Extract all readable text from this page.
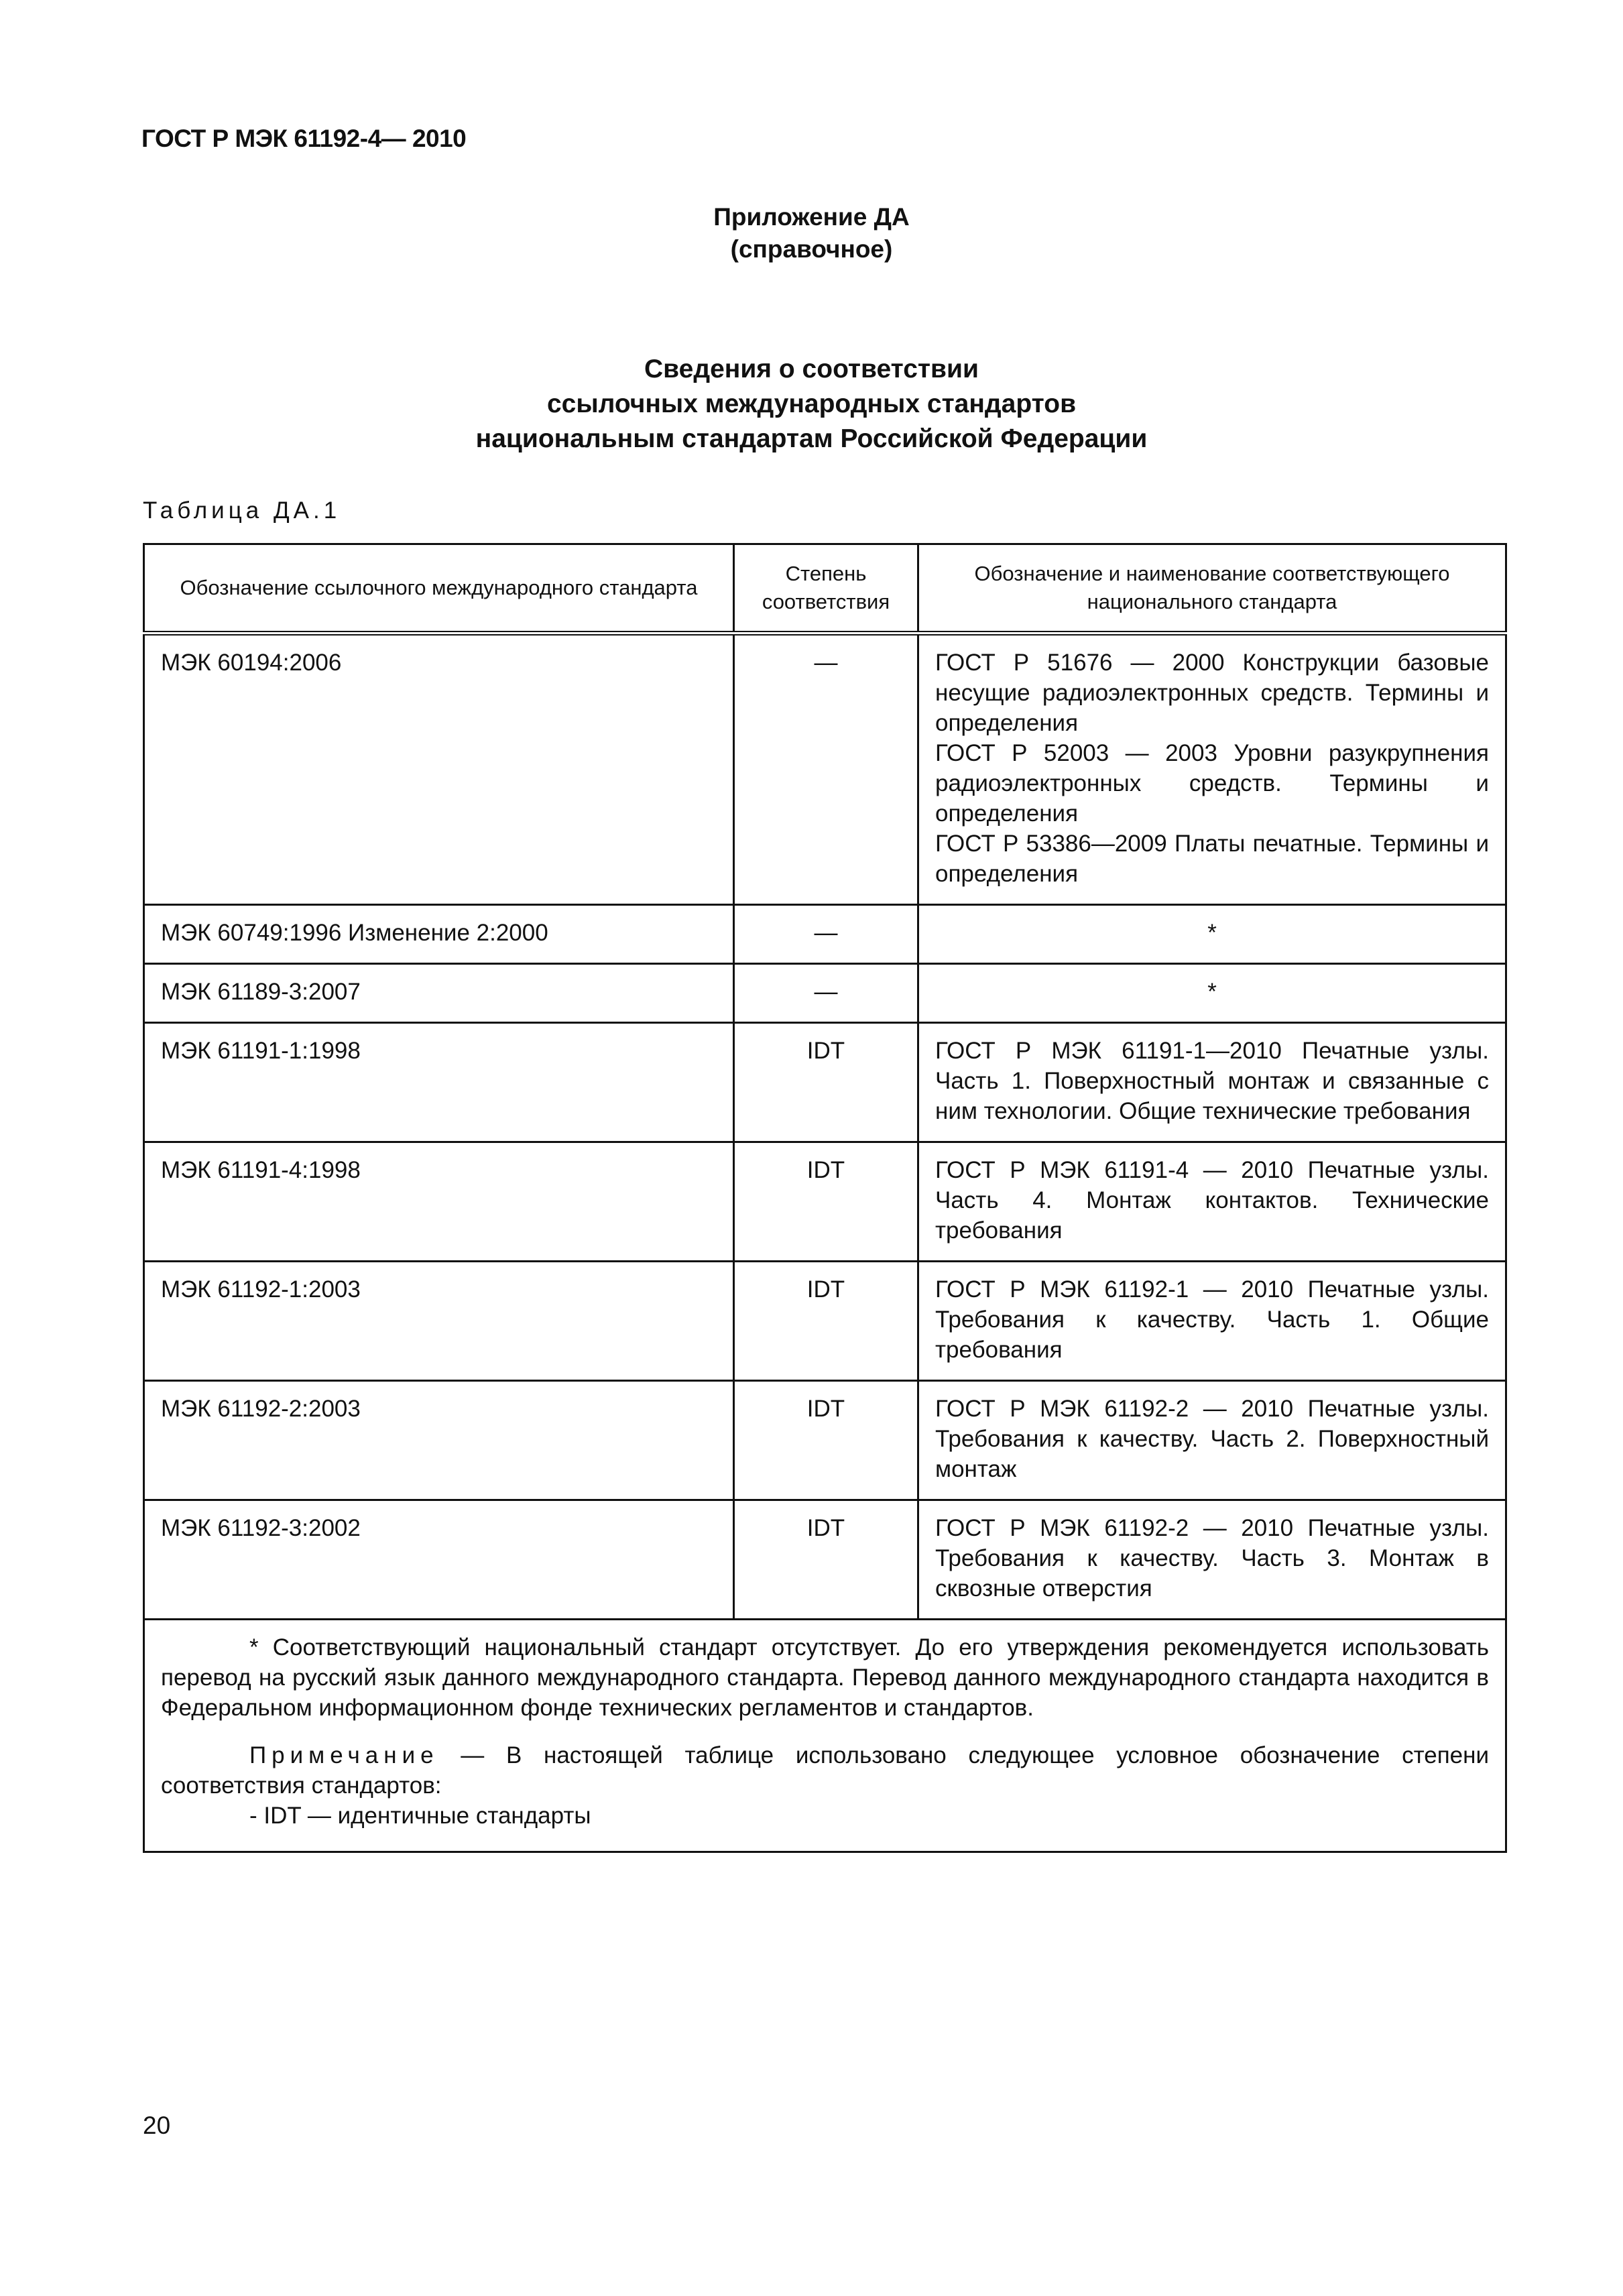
ГОСТ Р МЭК 61192-4— 2010
Приложение ДА
(справочное)
Сведения о соответствии
ссылочных международных стандартов
национальным стандартам Российской Федерации
Таблица ДА.1
Обозначение ссылочного международного стандарта	Степень соответствия	Обозначение и наименование соответствующего национального стандарта
МЭК 60194:2006	—	ГОСТ Р 51676 — 2000 Конструкции базовые несущие радиоэлектронных средств. Термины и определения
ГОСТ Р 52003 — 2003 Уровни разукрупнения радиоэлектронных средств. Термины и определения
ГОСТ Р 53386—2009 Платы печатные. Термины и определения

МЭК 60749:1996 Изменение 2:2000	—	*
МЭК 61189-3:2007	—	*
МЭК 61191-1:1998	IDT	ГОСТ Р МЭК 61191-1—2010 Печатные узлы. Часть 1. Поверхностный монтаж и связанные с ним технологии. Общие технические требования
МЭК 61191-4:1998	IDT	ГОСТ Р МЭК 61191-4 — 2010 Печатные узлы. Часть 4. Монтаж контактов. Технические требования
МЭК 61192-1:2003	IDT	ГОСТ Р МЭК 61192-1 — 2010 Печатные узлы. Требования к качеству. Часть 1. Общие требования
МЭК 61192-2:2003	IDT	ГОСТ Р МЭК 61192-2 — 2010 Печатные узлы. Требования к качеству. Часть 2. Поверхностный монтаж
МЭК 61192-3:2002	IDT	ГОСТ Р МЭК 61192-2 — 2010 Печатные узлы. Требования к качеству. Часть 3. Монтаж в сквозные отверстия

* Соответствующий национальный стандарт отсутствует. До его утверждения рекомендуется использовать перевод на русский язык данного международного стандарта. Перевод данного международного стандарта находится в Федеральном информационном фонде технических регламентов и стандартов.

Примечание — В настоящей таблице использовано следующее условное обозначение степени соответствия стандартов:

- IDT — идентичные стандарты		

20
